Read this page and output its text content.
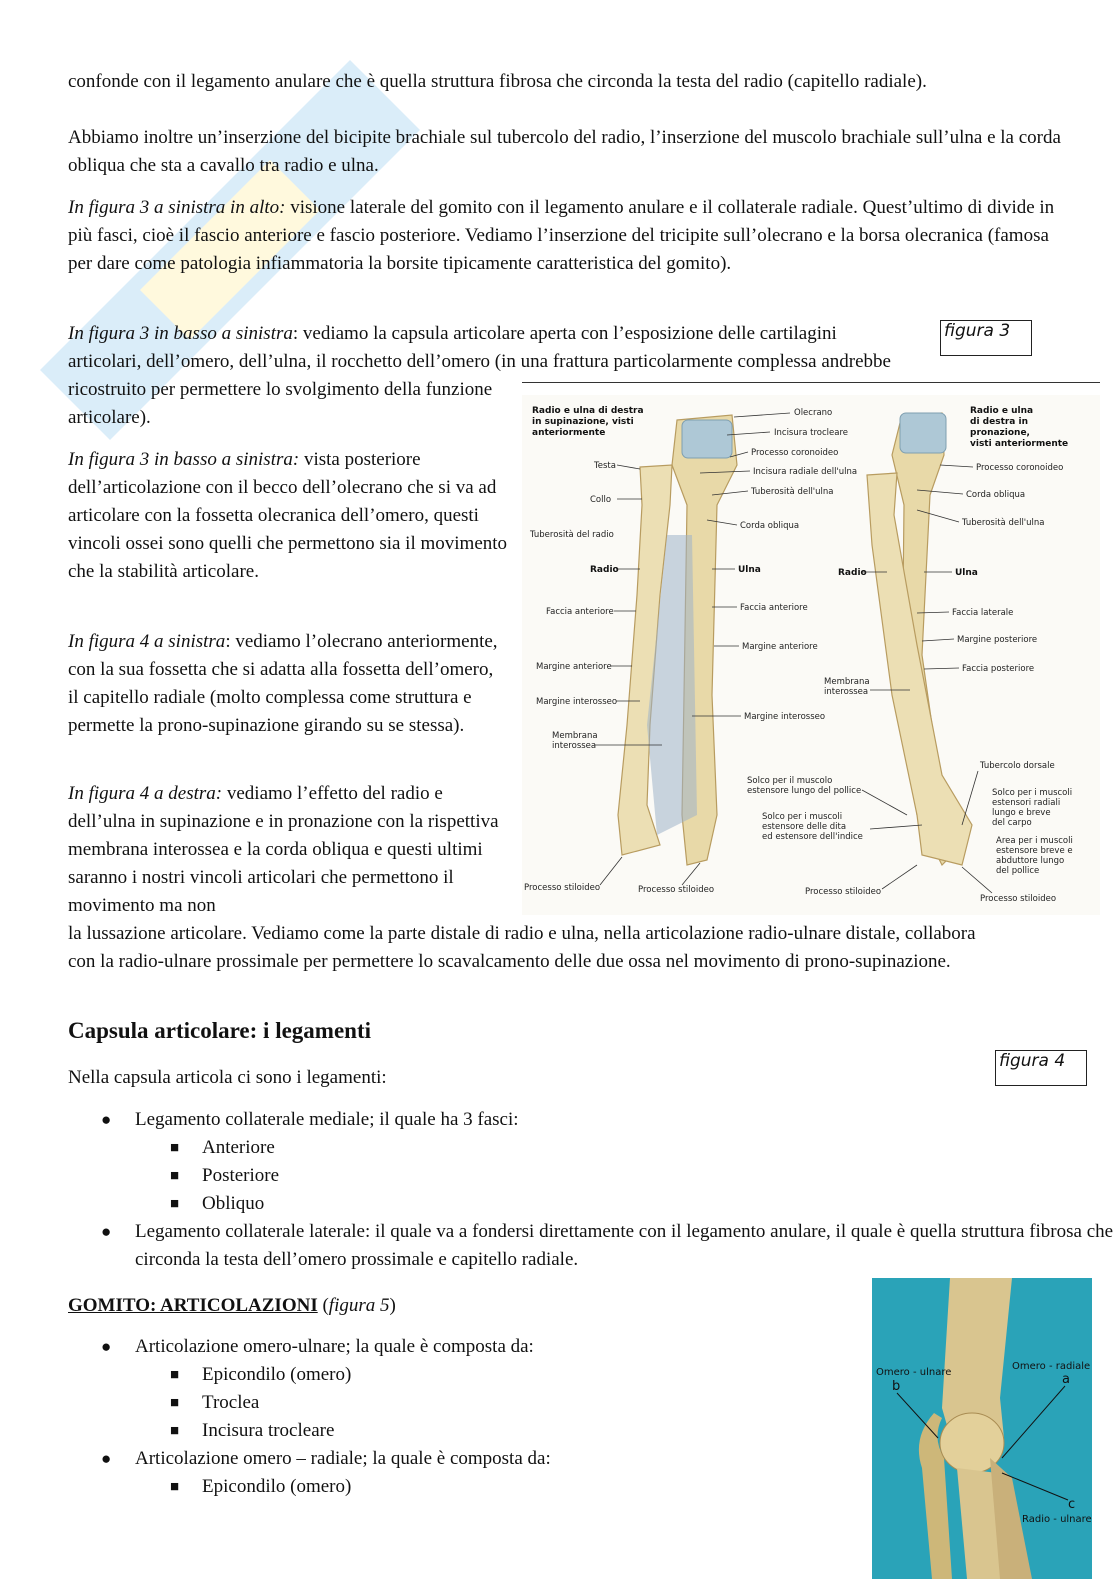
confonde con il legamento anulare che è quella struttura fibrosa che circonda la testa del radio (capitello radiale).

Abbiamo inoltre un’inserzione del bicipite brachiale sul tubercolo del radio, l’inserzione del muscolo brachiale sull’ulna e la corda obliqua che sta a cavallo tra radio e ulna.

In figura 3 a sinistra in alto: visione laterale del gomito con il legamento anulare e il collaterale radiale. Quest’ultimo di divide in più fasci, cioè il fascio anteriore e fascio posteriore. Vediamo l’inserzione del tricipite sull’olecrano e la borsa olecranica (famosa per dare come patologia infiammatoria la borsite tipicamente caratteristica del gomito).

In figura 3 in basso a sinistra: vediamo la capsula articolare aperta con l’esposizione delle cartilagini

articolari, dell’omero, dell’ulna, il rocchetto dell’omero (in una frattura particolarmente complessa andrebbe

ricostruito per permettere lo svolgimento della funzione articolare).

In figura 3 in basso a sinistra: vista posteriore dell’articolazione con il becco dell’olecrano che si va ad articolare con la fossetta olecranica dell’omero, questi vincoli ossei sono quelli che permettono sia il movimento che la stabilità articolare.

In figura 4 a sinistra: vediamo l’olecrano anteriormente, con la sua fossetta che si adatta alla fossetta dell’omero, il capitello radiale (molto complessa come struttura e permette la prono-supinazione girando su se stessa).

In figura 4 a destra: vediamo l’effetto del radio e dell’ulna in supinazione e in pronazione con la rispettiva membrana interossea e la corda obliqua e questi ultimi saranno i nostri vincoli articolari che permettono il movimento ma non

la lussazione articolare. Vediamo come la parte distale di radio e ulna, nella articolazione radio-ulnare distale, collabora con la radio-ulnare prossimale per permettere lo scavalcamento delle due ossa nel movimento di prono-supinazione.

figura 3
Radio e ulna di destra
in supinazione, visti
anteriormente
Radio e ulna
di destra in
pronazione,
visti anteriormente
Olecrano
Incisura trocleare
Processo coronoideo
Incisura radiale dell'ulna
Tuberosità dell'ulna
Corda obliqua
Ulna
Faccia anteriore
Margine anteriore
Margine interosseo
Testa
Collo
Tuberosità del radio
Radio
Faccia anteriore
Margine anteriore
Margine interosseo
Membrana
interossea
Processo stiloideo	Processo stiloideo
Radio	Ulna
Processo coronoideo
Corda obliqua
Tuberosità dell'ulna
Faccia laterale
Margine posteriore
Faccia posteriore
Membrana
interossea
Tubercolo dorsale
Solco per il muscolo
estensore lungo del pollice
Solco per i muscoli
estensore delle dita
ed estensore dell'indice
Solco per i muscoli
estensori radiali
lungo e breve
del carpo
Area per i muscoli
estensore breve e
abduttore lungo
del pollice
Processo stiloideo
Processo stiloideo
Capsula articolare: i legamenti
figura 4

Nella capsula articola ci sono i legamenti:

● Legamento collaterale mediale; il quale ha 3 fasci:
■ Anteriore
■ Posteriore
■ Obliquo
● Legamento collaterale laterale: il quale va a fondersi direttamente con il legamento anulare, il quale è quella struttura fibrosa che circonda la testa dell’omero prossimale e capitello radiale.
GOMITO: ARTICOLAZIONI (figura 5)
● Articolazione omero-ulnare; la quale è composta da:
■ Epicondilo (omero)
■ Troclea
■ Incisura trocleare
● Articolazione omero – radiale; la quale è composta da:
■ Epicondilo (omero)
Omero - ulnare
b
Omero - radiale
a
c
Radio - ulnare
